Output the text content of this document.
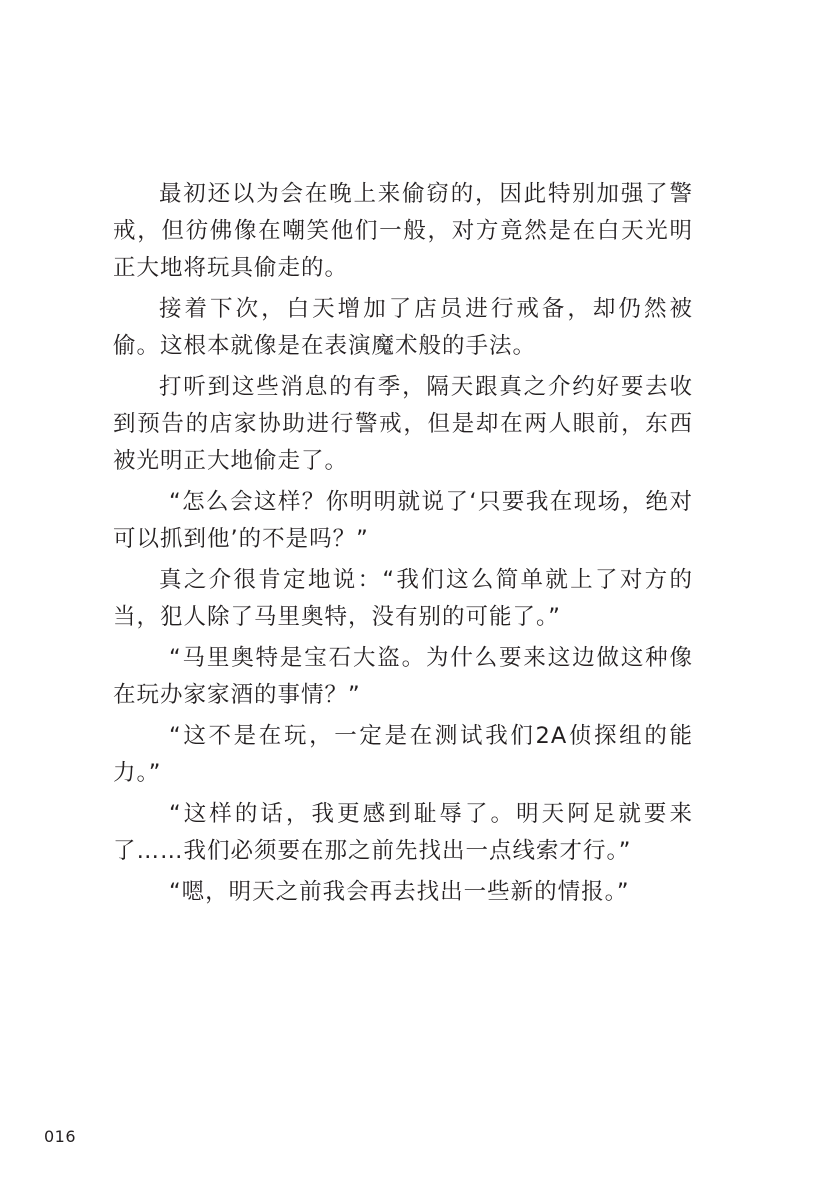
最初还以为会在晚上来偷窃的，因此特别加强了警戒，但彷佛像在嘲笑他们一般，对方竟然是在白天光明正大地将玩具偷走的。

接着下次，白天增加了店员进行戒备，却仍然被偷。这根本就像是在表演魔术般的手法。

打听到这些消息的有季，隔天跟真之介约好要去收到预告的店家协助进行警戒，但是却在两人眼前，东西被光明正大地偷走了。

“怎么会这样？你明明就说了‘只要我在现场，绝对可以抓到他’的不是吗？”

真之介很肯定地说：“我们这么简单就上了对方的当，犯人除了马里奥特，没有别的可能了。”

“马里奥特是宝石大盗。为什么要来这边做这种像在玩办家家酒的事情？”

“这不是在玩，一定是在测试我们2A侦探组的能力。”

“这样的话，我更感到耻辱了。明天阿足就要来了……我们必须要在那之前先找出一点线索才行。”

“嗯，明天之前我会再去找出一些新的情报。”

016
